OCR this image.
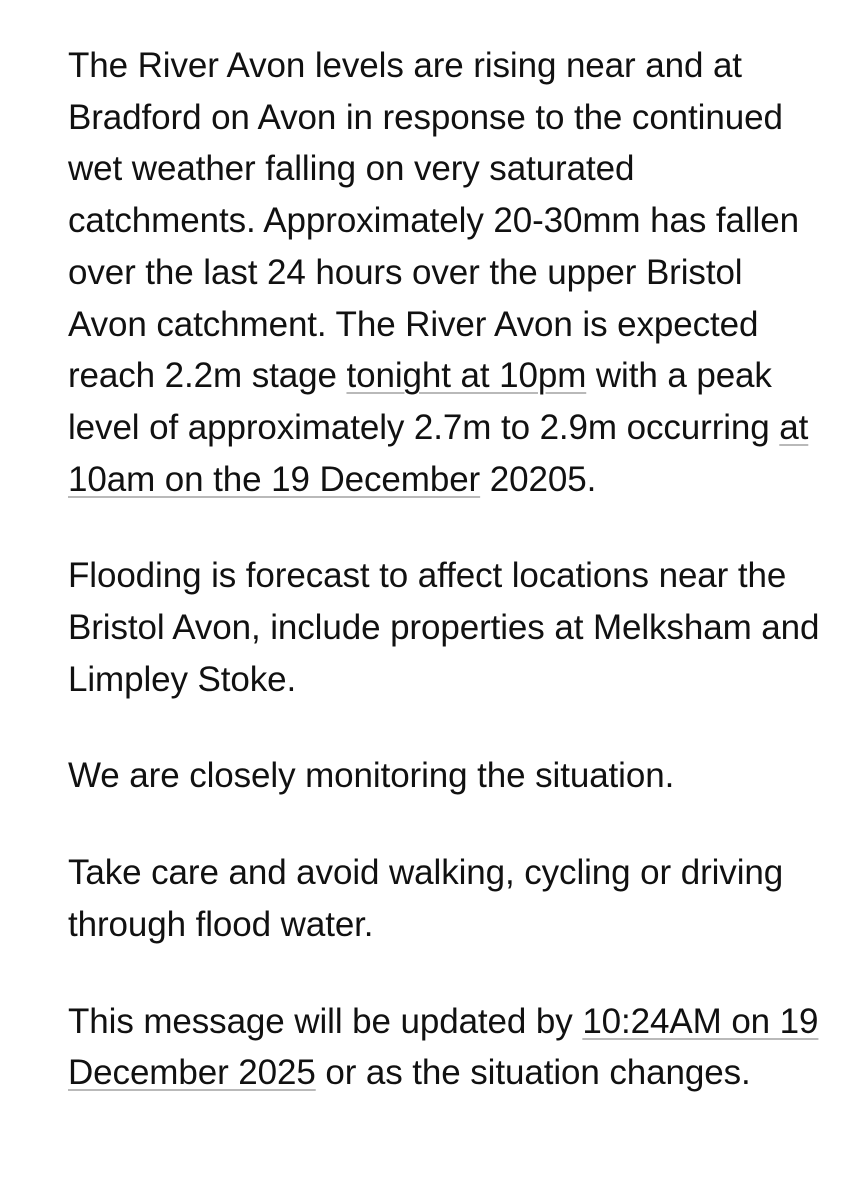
The River Avon levels are rising near and at Bradford on Avon in response to the continued wet weather falling on very saturated catchments. Approximately 20-30mm has fallen over the last 24 hours over the upper Bristol Avon catchment. The River Avon is expected reach 2.2m stage tonight at 10pm with a peak level of approximately 2.7m to 2.9m occurring at 10am on the 19 December 20205.

Flooding is forecast to affect locations near the Bristol Avon, include properties at Melksham and Limpley Stoke.

We are closely monitoring the situation.

Take care and avoid walking, cycling or driving through flood water.

This message will be updated by 10:24AM on 19 December 2025 or as the situation changes.
